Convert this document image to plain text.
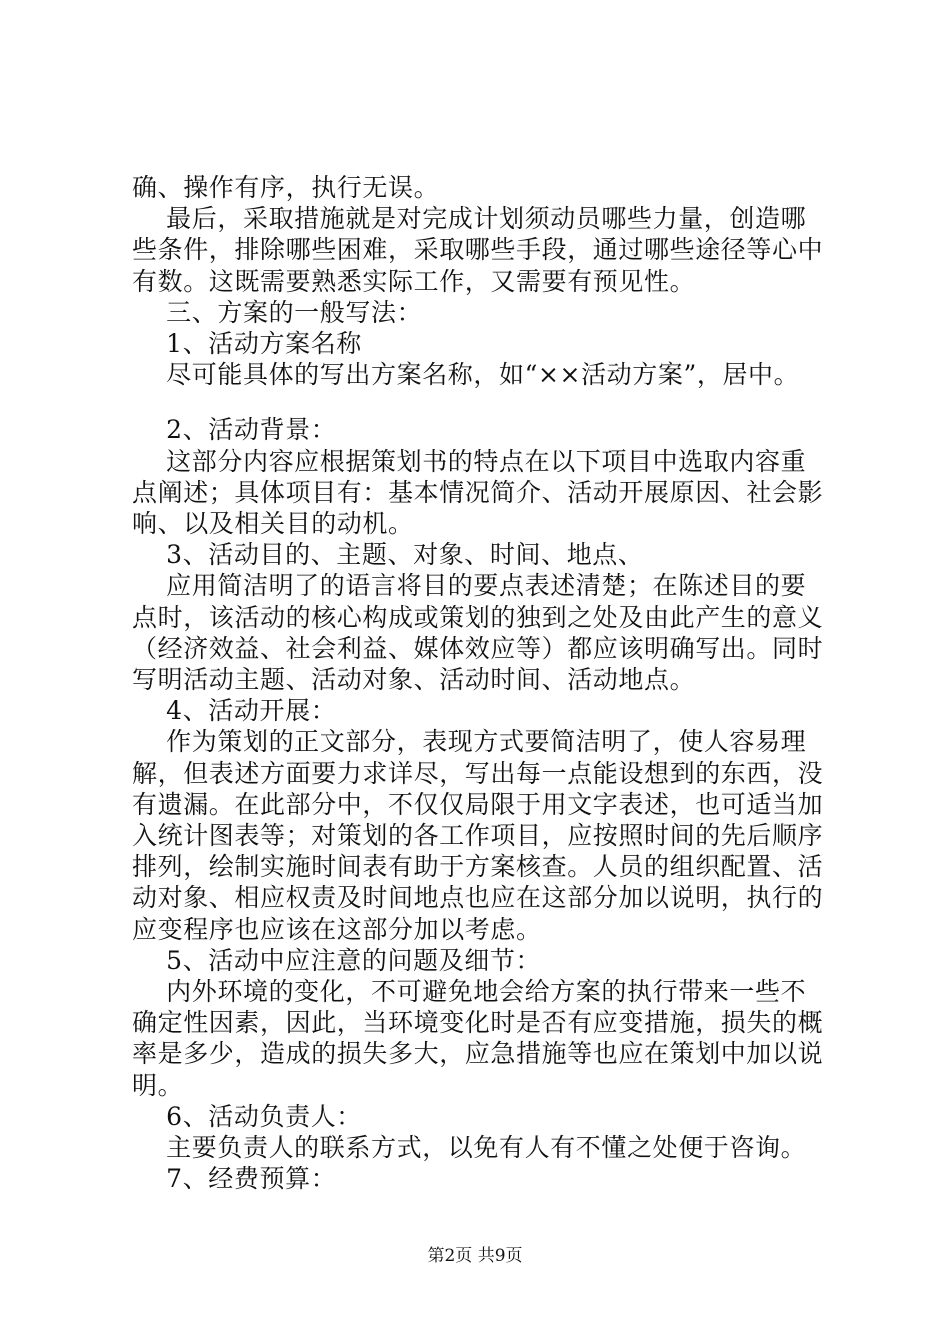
确、操作有序，执行无误。

最后，采取措施就是对完成计划须动员哪些力量，创造哪

些条件，排除哪些困难，采取哪些手段，通过哪些途径等心中

有数。这既需要熟悉实际工作，又需要有预见性。

三、方案的一般写法：

1、活动方案名称

尽可能具体的写出方案名称，如“××活动方案”，居中。

2、活动背景：

这部分内容应根据策划书的特点在以下项目中选取内容重

点阐述；具体项目有：基本情况简介、活动开展原因、社会影

响、以及相关目的动机。

3、活动目的、主题、对象、时间、地点、

应用简洁明了的语言将目的要点表述清楚；在陈述目的要

点时，该活动的核心构成或策划的独到之处及由此产生的意义

（经济效益、社会利益、媒体效应等）都应该明确写出。同时

写明活动主题、活动对象、活动时间、活动地点。

4、活动开展：

作为策划的正文部分，表现方式要简洁明了，使人容易理

解，但表述方面要力求详尽，写出每一点能设想到的东西，没

有遗漏。在此部分中，不仅仅局限于用文字表述，也可适当加

入统计图表等；对策划的各工作项目，应按照时间的先后顺序

排列，绘制实施时间表有助于方案核查。人员的组织配置、活

动对象、相应权责及时间地点也应在这部分加以说明，执行的

应变程序也应该在这部分加以考虑。

5、活动中应注意的问题及细节：

内外环境的变化，不可避免地会给方案的执行带来一些不

确定性因素，因此，当环境变化时是否有应变措施，损失的概

率是多少，造成的损失多大，应急措施等也应在策划中加以说

明。

6、活动负责人：

主要负责人的联系方式，以免有人有不懂之处便于咨询。

7、经费预算：

第2页 共9页
